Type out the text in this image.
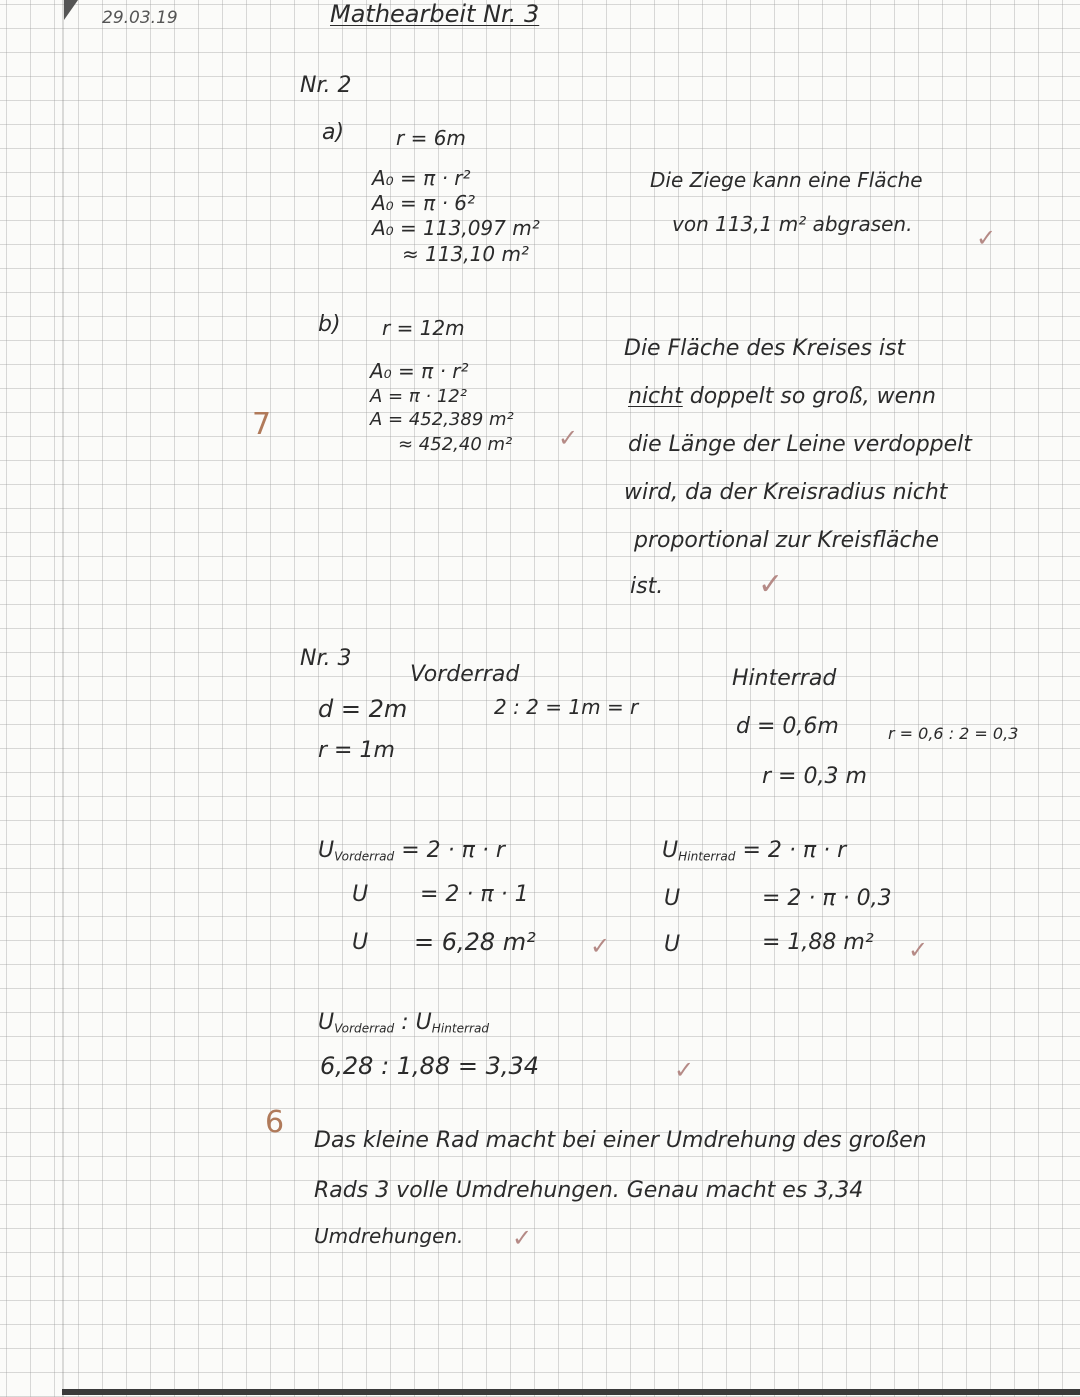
29.03.19	Mathearbeit Nr. 3
7
6
Nr. 2
a)	r = 6m
A₀ = π · r²
A₀ = π · 6²
A₀ = 113,097 m²
≈ 113,10 m²
Die Ziege kann eine Fläche
von 113,1 m² abgrasen.	✓
b) r = 12m
A₀ = π · r²
A = π · 12²
A = 452,389 m²
≈ 452,40 m² ✓
Die Fläche des Kreises ist
nicht doppelt so groß, wenn
die Länge der Leine verdoppelt
wird, da der Kreisradius nicht
proportional zur Kreisfläche
ist.	✓
Nr. 3
Vorderrad
d = 2m
r = 1m
2 : 2 = 1m = r
Hinterrad
d = 0,6m	r = 0,6 : 2 = 0,3
r = 0,3 m
$U_{Vorderrad} = 2 \cdot \pi \cdot r$
U = 2 · π · 1
U = 6,28 m² ✓
$U_{Hinterrad} = 2 \cdot \pi \cdot r$
U	= 2 · π · 0,3
U	= 1,88 m² ✓
$U_{Vorderrad}$ : $U_{Hinterrad}$
6,28 : 1,88 = 3,34	✓
Das kleine Rad macht bei einer Umdrehung des großen
Rads 3 volle Umdrehungen. Genau macht es 3,34
Umdrehungen. ✓
